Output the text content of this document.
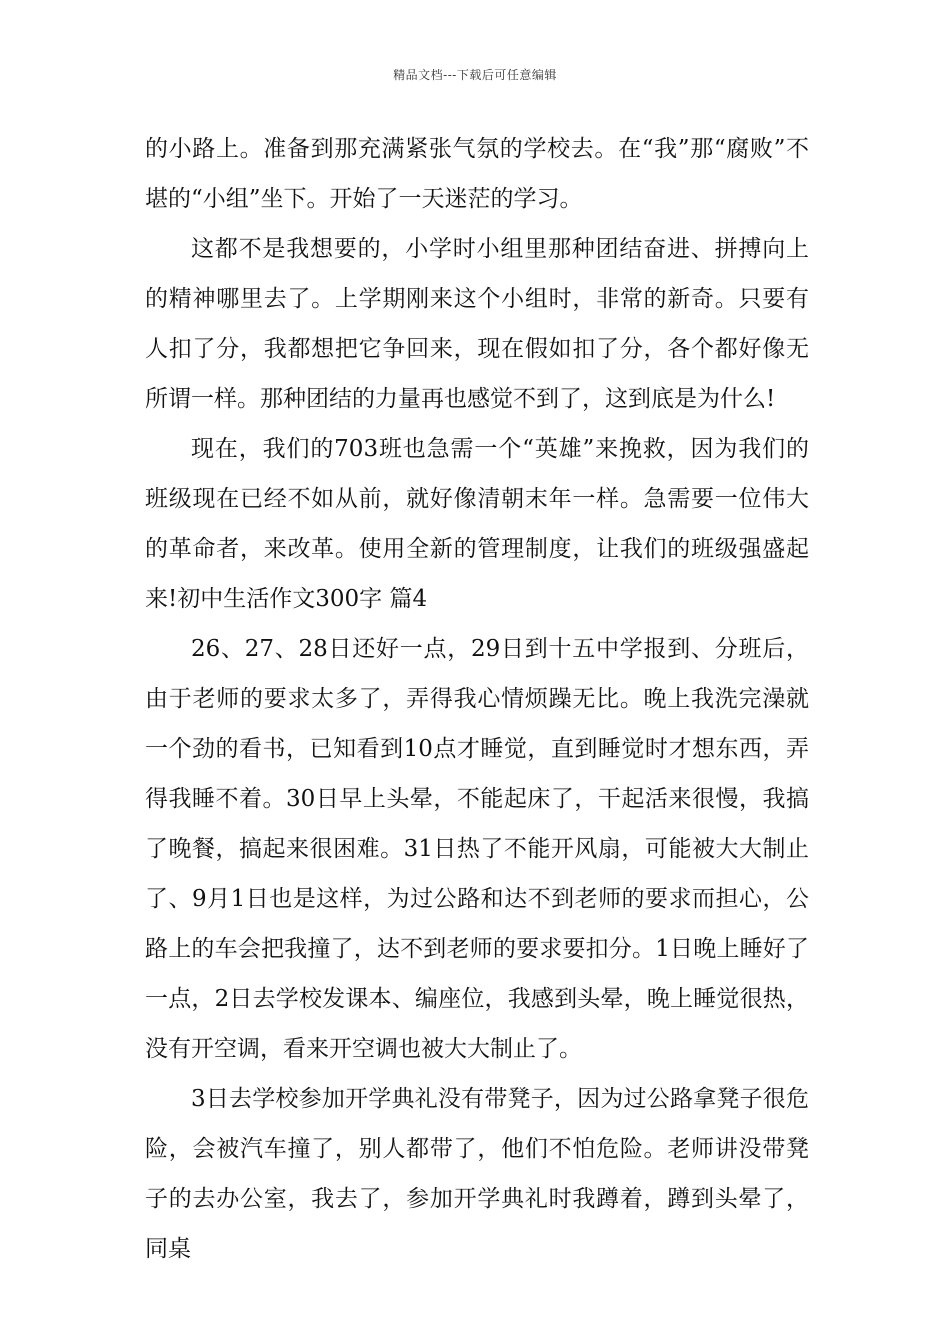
精品文档---下载后可任意编辑

的小路上。准备到那充满紧张气氛的学校去。在“我”那“腐败”不堪的“小组”坐下。开始了一天迷茫的学习。

这都不是我想要的，小学时小组里那种团结奋进、拼搏向上的精神哪里去了。上学期刚来这个小组时，非常的新奇。只要有人扣了分，我都想把它争回来，现在假如扣了分，各个都好像无所谓一样。那种团结的力量再也感觉不到了，这到底是为什么!

现在，我们的703班也急需一个“英雄”来挽救，因为我们的班级现在已经不如从前，就好像清朝末年一样。急需要一位伟大的革命者，来改革。使用全新的管理制度，让我们的班级强盛起来!初中生活作文300字 篇4

26、27、28日还好一点，29日到十五中学报到、分班后，由于老师的要求太多了，弄得我心情烦躁无比。晚上我洗完澡就一个劲的看书，已知看到10点才睡觉，直到睡觉时才想东西，弄得我睡不着。30日早上头晕，不能起床了，干起活来很慢，我搞了晚餐，搞起来很困难。31日热了不能开风扇，可能被大大制止了、9月1日也是这样，为过公路和达不到老师的要求而担心，公路上的车会把我撞了，达不到老师的要求要扣分。1日晚上睡好了一点，2日去学校发课本、编座位，我感到头晕，晚上睡觉很热，没有开空调，看来开空调也被大大制止了。

3日去学校参加开学典礼没有带凳子，因为过公路拿凳子很危险，会被汽车撞了，别人都带了，他们不怕危险。老师讲没带凳子的去办公室，我去了，参加开学典礼时我蹲着，蹲到头晕了，同桌
